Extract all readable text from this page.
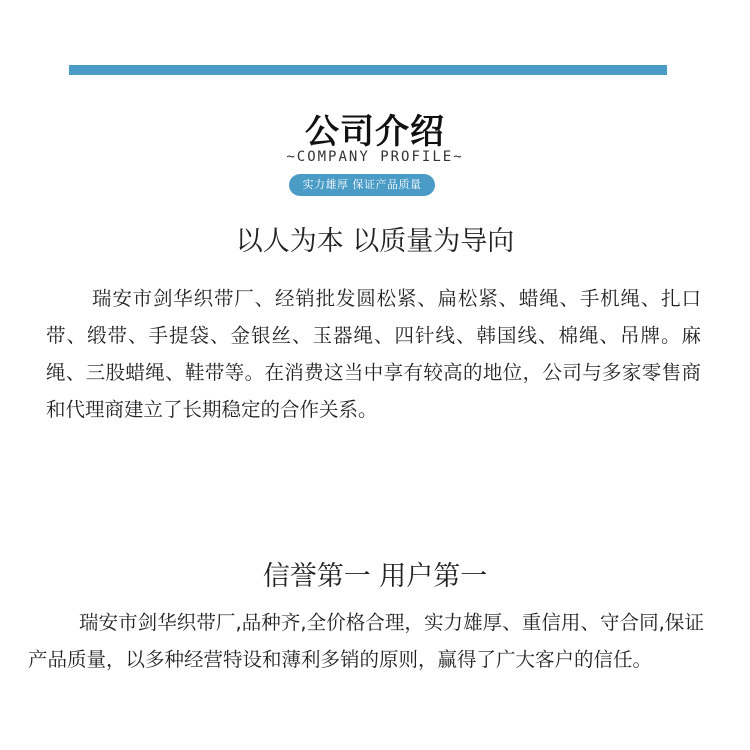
公司介绍
~COMPANY PROFILE~
实力雄厚 保证产品质量
以人为本 以质量为导向
瑞安市剑华织带厂、经销批发圆松紧、扁松紧、蜡绳、手机绳、扎口带、缎带、手提袋、金银丝、玉器绳、四针线、韩国线、棉绳、吊牌。麻绳、三股蜡绳、鞋带等。在消费这当中享有较高的地位，公司与多家零售商和代理商建立了长期稳定的合作关系。
信誉第一 用户第一
瑞安市剑华织带厂,品种齐,全价格合理，实力雄厚、重信用、守合同,保证产品质量，以多种经营特设和薄利多销的原则，赢得了广大客户的信任。
